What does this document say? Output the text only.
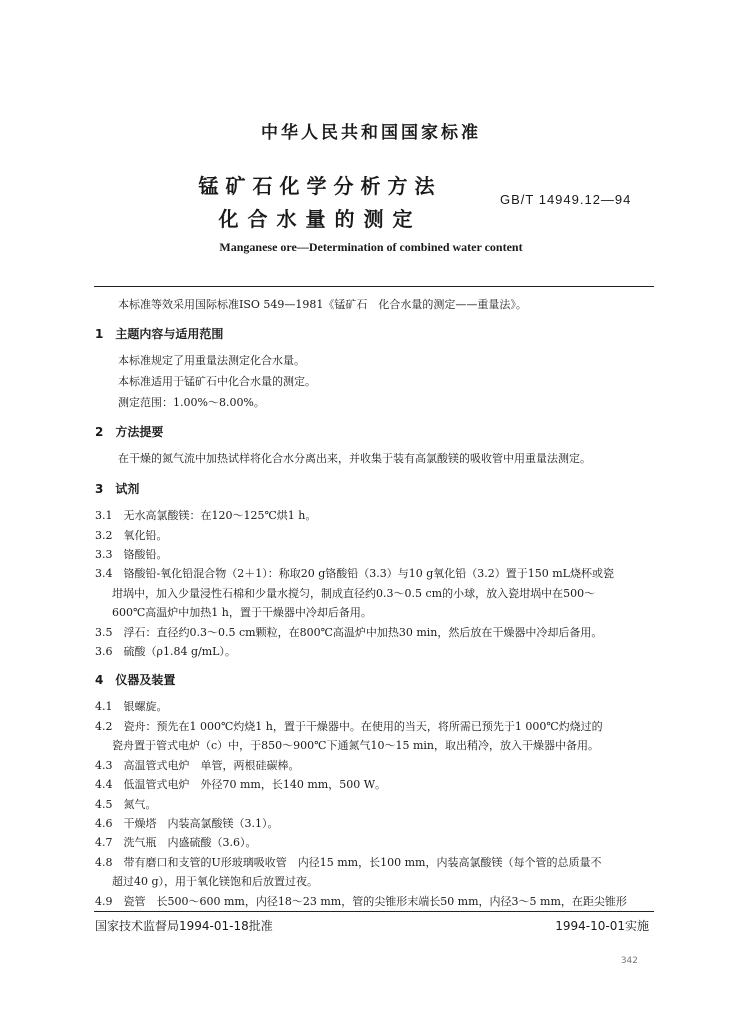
中华人民共和国国家标准
锰矿石化学分析方法
化合水量的测定
GB/T 14949.12—94
Manganese ore—Determination of combined water content
本标准等效采用国际标准ISO 549—1981《锰矿石　化合水量的测定——重量法》。
1　主题内容与适用范围
本标准规定了用重量法测定化合水量。
本标准适用于锰矿石中化合水量的测定。
测定范围：1.00%～8.00%。
2　方法提要
在干燥的氮气流中加热试样将化合水分离出来，并收集于装有高氯酸镁的吸收管中用重量法测定。
3　试剂
3.1　无水高氯酸镁：在120～125℃烘1 h。
3.2　氧化铅。
3.3　铬酸铅。
3.4　铬酸铅-氧化铅混合物（2＋1）：称取20 g铬酸铅（3.3）与10 g氧化铅（3.2）置于150 mL烧杯或瓷
坩埚中，加入少量浸性石棉和少量水搅匀，制成直径约0.3～0.5 cm的小球，放入瓷坩埚中在500～
600℃高温炉中加热1 h，置于干燥器中冷却后备用。
3.5　浮石：直径约0.3～0.5 cm颗粒，在800℃高温炉中加热30 min，然后放在干燥器中冷却后备用。
3.6　硫酸（ρ1.84 g/mL）。
4　仪器及装置
4.1　银螺旋。
4.2　瓷舟：预先在1 000℃灼烧1 h，置于干燥器中。在使用的当天，将所需已预先于1 000℃灼烧过的
瓷舟置于管式电炉（c）中，于850～900℃下通氮气10～15 min，取出稍冷，放入干燥器中备用。
4.3　高温管式电炉　单管，两根硅碳棒。
4.4　低温管式电炉　外径70 mm，长140 mm，500 W。
4.5　氮气。
4.6　干燥塔　内装高氯酸镁（3.1）。
4.7　洗气瓶　内盛硫酸（3.6）。
4.8　带有磨口和支管的U形玻璃吸收管　内径15 mm，长100 mm，内装高氯酸镁（每个管的总质量不
超过40 g），用于氧化镁饱和后放置过夜。
4.9　瓷管　长500～600 mm，内径18～23 mm，管的尖锥形末端长50 mm，内径3～5 mm，在距尖锥形
国家技术监督局1994-01-18批准	1994-10-01实施
342
